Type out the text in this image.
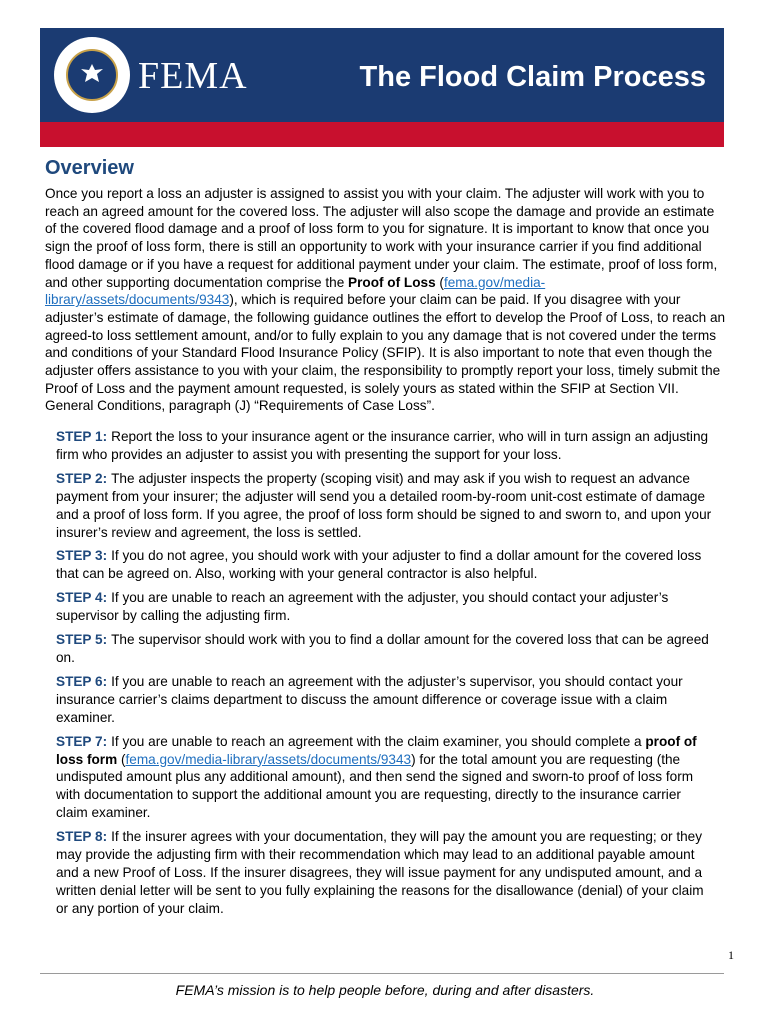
FEMA	The Flood Claim Process
Overview
Once you report a loss an adjuster is assigned to assist you with your claim. The adjuster will work with you to reach an agreed amount for the covered loss. The adjuster will also scope the damage and provide an estimate of the covered flood damage and a proof of loss form to you for signature. It is important to know that once you sign the proof of loss form, there is still an opportunity to work with your insurance carrier if you find additional flood damage or if you have a request for additional payment under your claim. The estimate, proof of loss form, and other supporting documentation comprise the Proof of Loss (fema.gov/media-library/assets/documents/9343), which is required before your claim can be paid. If you disagree with your adjuster’s estimate of damage, the following guidance outlines the effort to develop the Proof of Loss, to reach an agreed-to loss settlement amount, and/or to fully explain to you any damage that is not covered under the terms and conditions of your Standard Flood Insurance Policy (SFIP). It is also important to note that even though the adjuster offers assistance to you with your claim, the responsibility to promptly report your loss, timely submit the Proof of Loss and the payment amount requested, is solely yours as stated within the SFIP at Section VII. General Conditions, paragraph (J) “Requirements of Case Loss”.
STEP 1: Report the loss to your insurance agent or the insurance carrier, who will in turn assign an adjusting firm who provides an adjuster to assist you with presenting the support for your loss.
STEP 2: The adjuster inspects the property (scoping visit) and may ask if you wish to request an advance payment from your insurer; the adjuster will send you a detailed room-by-room unit-cost estimate of damage and a proof of loss form. If you agree, the proof of loss form should be signed to and sworn to, and upon your insurer’s review and agreement, the loss is settled.
STEP 3: If you do not agree, you should work with your adjuster to find a dollar amount for the covered loss that can be agreed on. Also, working with your general contractor is also helpful.
STEP 4: If you are unable to reach an agreement with the adjuster, you should contact your adjuster’s supervisor by calling the adjusting firm.
STEP 5: The supervisor should work with you to find a dollar amount for the covered loss that can be agreed on.
STEP 6: If you are unable to reach an agreement with the adjuster’s supervisor, you should contact your insurance carrier’s claims department to discuss the amount difference or coverage issue with a claim examiner.
STEP 7: If you are unable to reach an agreement with the claim examiner, you should complete a proof of loss form (fema.gov/media-library/assets/documents/9343) for the total amount you are requesting (the undisputed amount plus any additional amount), and then send the signed and sworn-to proof of loss form with documentation to support the additional amount you are requesting, directly to the insurance carrier claim examiner.
STEP 8: If the insurer agrees with your documentation, they will pay the amount you are requesting; or they may provide the adjusting firm with their recommendation which may lead to an additional payable amount and a new Proof of Loss. If the insurer disagrees, they will issue payment for any undisputed amount, and a written denial letter will be sent to you fully explaining the reasons for the disallowance (denial) of your claim or any portion of your claim.
1
FEMA’s mission is to help people before, during and after disasters.
